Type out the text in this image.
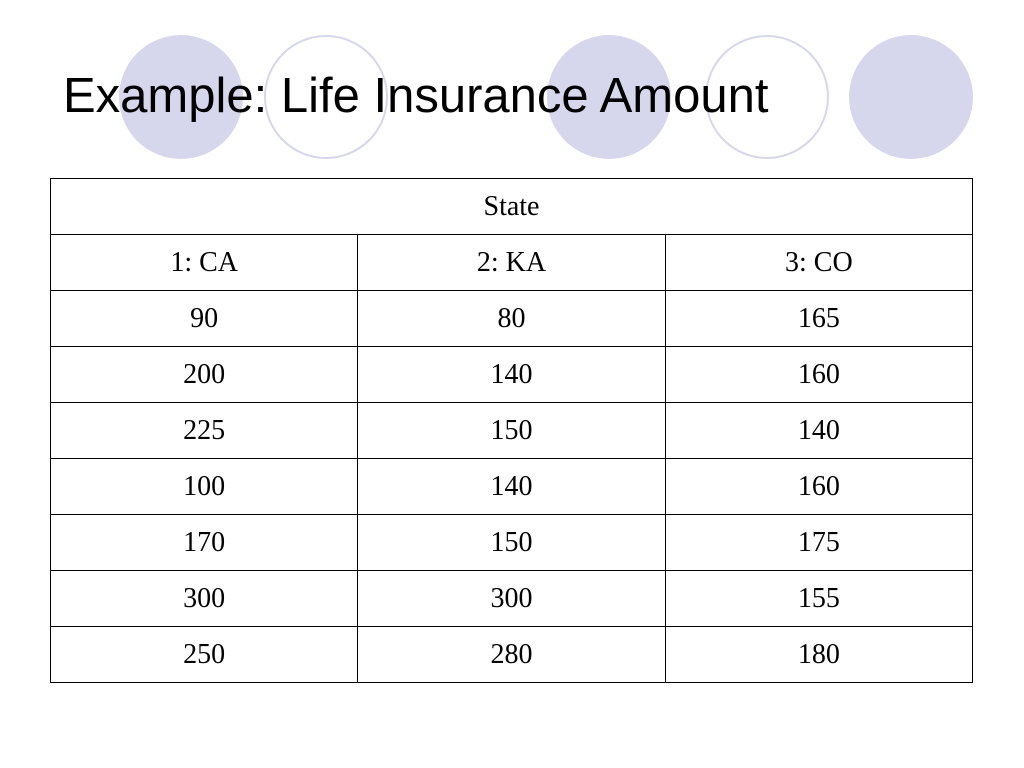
Example: Life Insurance Amount
State		
1: CA	2: KA	3: CO
90	80	165
200	140	160
225	150	140
100	140	160
170	150	175
300	300	155
250	280	180
